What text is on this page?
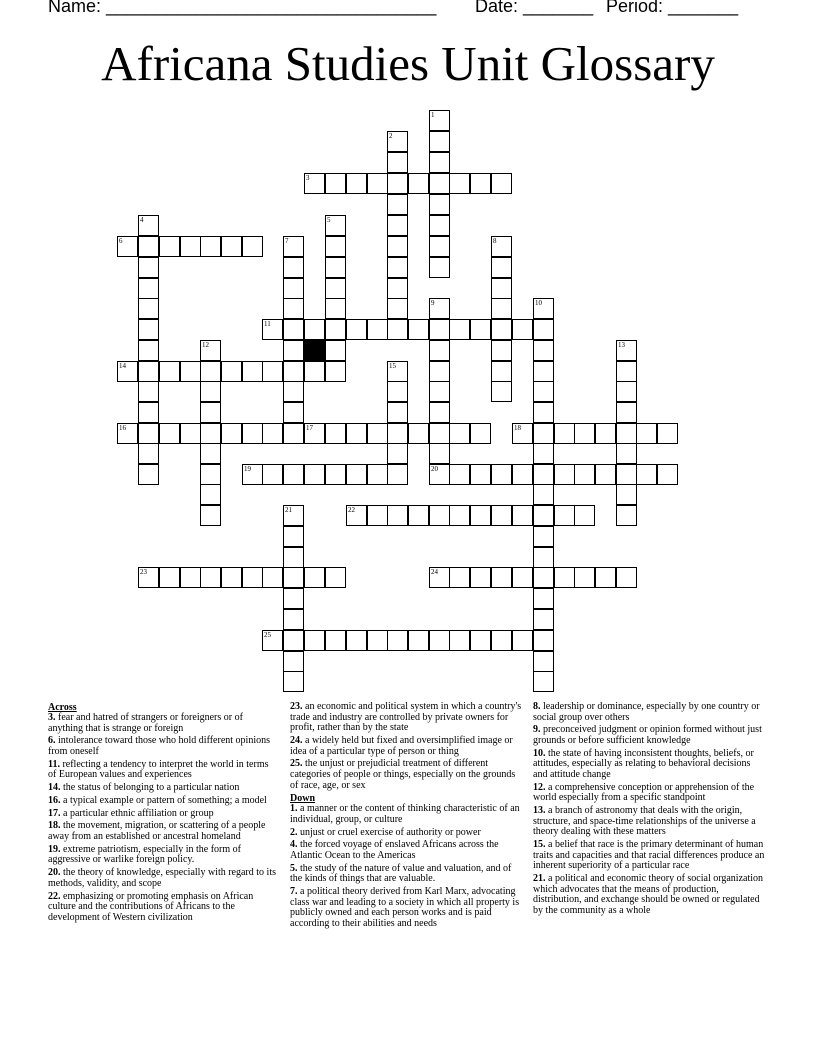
Name: _________________________________ Date: _______ Period: _______
Africana Studies Unit Glossary
1
2
3
4	5
6	7	8
9	10
11
12	13
14	15
16	17	18
19	20
21	22
23	24
25
Across
3. fear and hatred of strangers or foreigners or of anything that is strange or foreign
6. intolerance toward those who hold different opinions from oneself
11. reflecting a tendency to interpret the world in terms of European values and experiences
14. the status of belonging to a particular nation
16. a typical example or pattern of something; a model
17. a particular ethnic affiliation or group
18. the movement, migration, or scattering of a people away from an established or ancestral homeland
19. extreme patriotism, especially in the form of aggressive or warlike foreign policy.
20. the theory of knowledge, especially with regard to its methods, validity, and scope
22. emphasizing or promoting emphasis on African culture and the contributions of Africans to the development of Western civilization
23. an economic and political system in which a country's trade and industry are controlled by private owners for profit, rather than by the state
24. a widely held but fixed and oversimplified image or idea of a particular type of person or thing
25. the unjust or prejudicial treatment of different categories of people or things, especially on the grounds of race, age, or sex
Down
1. a manner or the content of thinking characteristic of an individual, group, or culture
2. unjust or cruel exercise of authority or power
4. the forced voyage of enslaved Africans across the Atlantic Ocean to the Americas
5. the study of the nature of value and valuation, and of the kinds of things that are valuable.
7. a political theory derived from Karl Marx, advocating class war and leading to a society in which all property is publicly owned and each person works and is paid according to their abilities and needs
8. leadership or dominance, especially by one country or social group over others
9. preconceived judgment or opinion formed without just grounds or before sufficient knowledge
10. the state of having inconsistent thoughts, beliefs, or attitudes, especially as relating to behavioral decisions and attitude change
12. a comprehensive conception or apprehension of the world especially from a specific standpoint
13. a branch of astronomy that deals with the origin, structure, and space-time relationships of the universe a theory dealing with these matters
15. a belief that race is the primary determinant of human traits and capacities and that racial differences produce an inherent superiority of a particular race
21. a political and economic theory of social organization which advocates that the means of production, distribution, and exchange should be owned or regulated by the community as a whole
